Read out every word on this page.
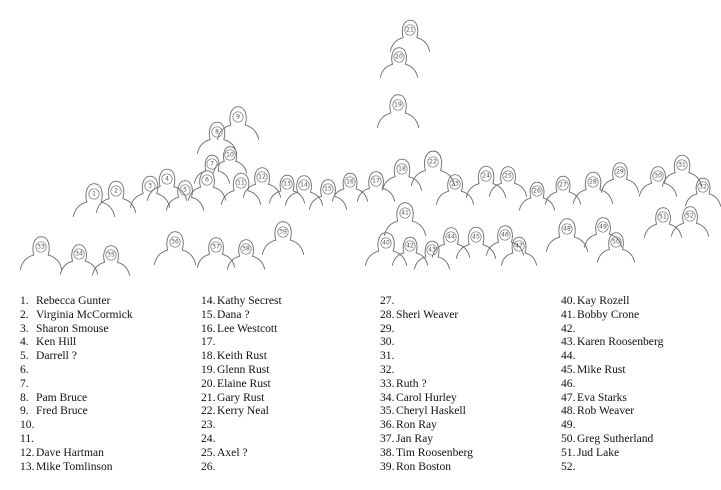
1	2
3
4
5
6
7
8
9
10
11
12
13 14
15
16	17
18
19
20
21
22
23
24 25
26
27	28
29
30
31
32
33
34	35
36
37	38
39
40
41
42
43
44	45	46
47
48	49
50
51	52
1. Rebecca Gunter
2. Virginia McCormick
3. Sharon Smouse
4. Ken Hill
5. Darrell ?
6.
7.
8. Pam Bruce
9. Fred Bruce
10.
11.
12. Dave Hartman
13. Mike Tomlinson
14. Kathy Secrest
15. Dana ?
16. Lee Westcott
17.
18. Keith Rust
19. Glenn Rust
20. Elaine Rust
21. Gary Rust
22. Kerry Neal
23.
24.
25. Axel ?
26.
27.
28. Sheri Weaver
29.
30.
31.
32.
33. Ruth ?
34. Carol Hurley
35. Cheryl Haskell
36. Ron Ray
37. Jan Ray
38. Tim Roosenberg
39. Ron Boston
40. Kay Rozell
41. Bobby Crone
42.
43. Karen Roosenberg
44.
45. Mike Rust
46.
47. Eva Starks
48. Rob Weaver
49.
50. Greg Sutherland
51. Jud Lake
52.
